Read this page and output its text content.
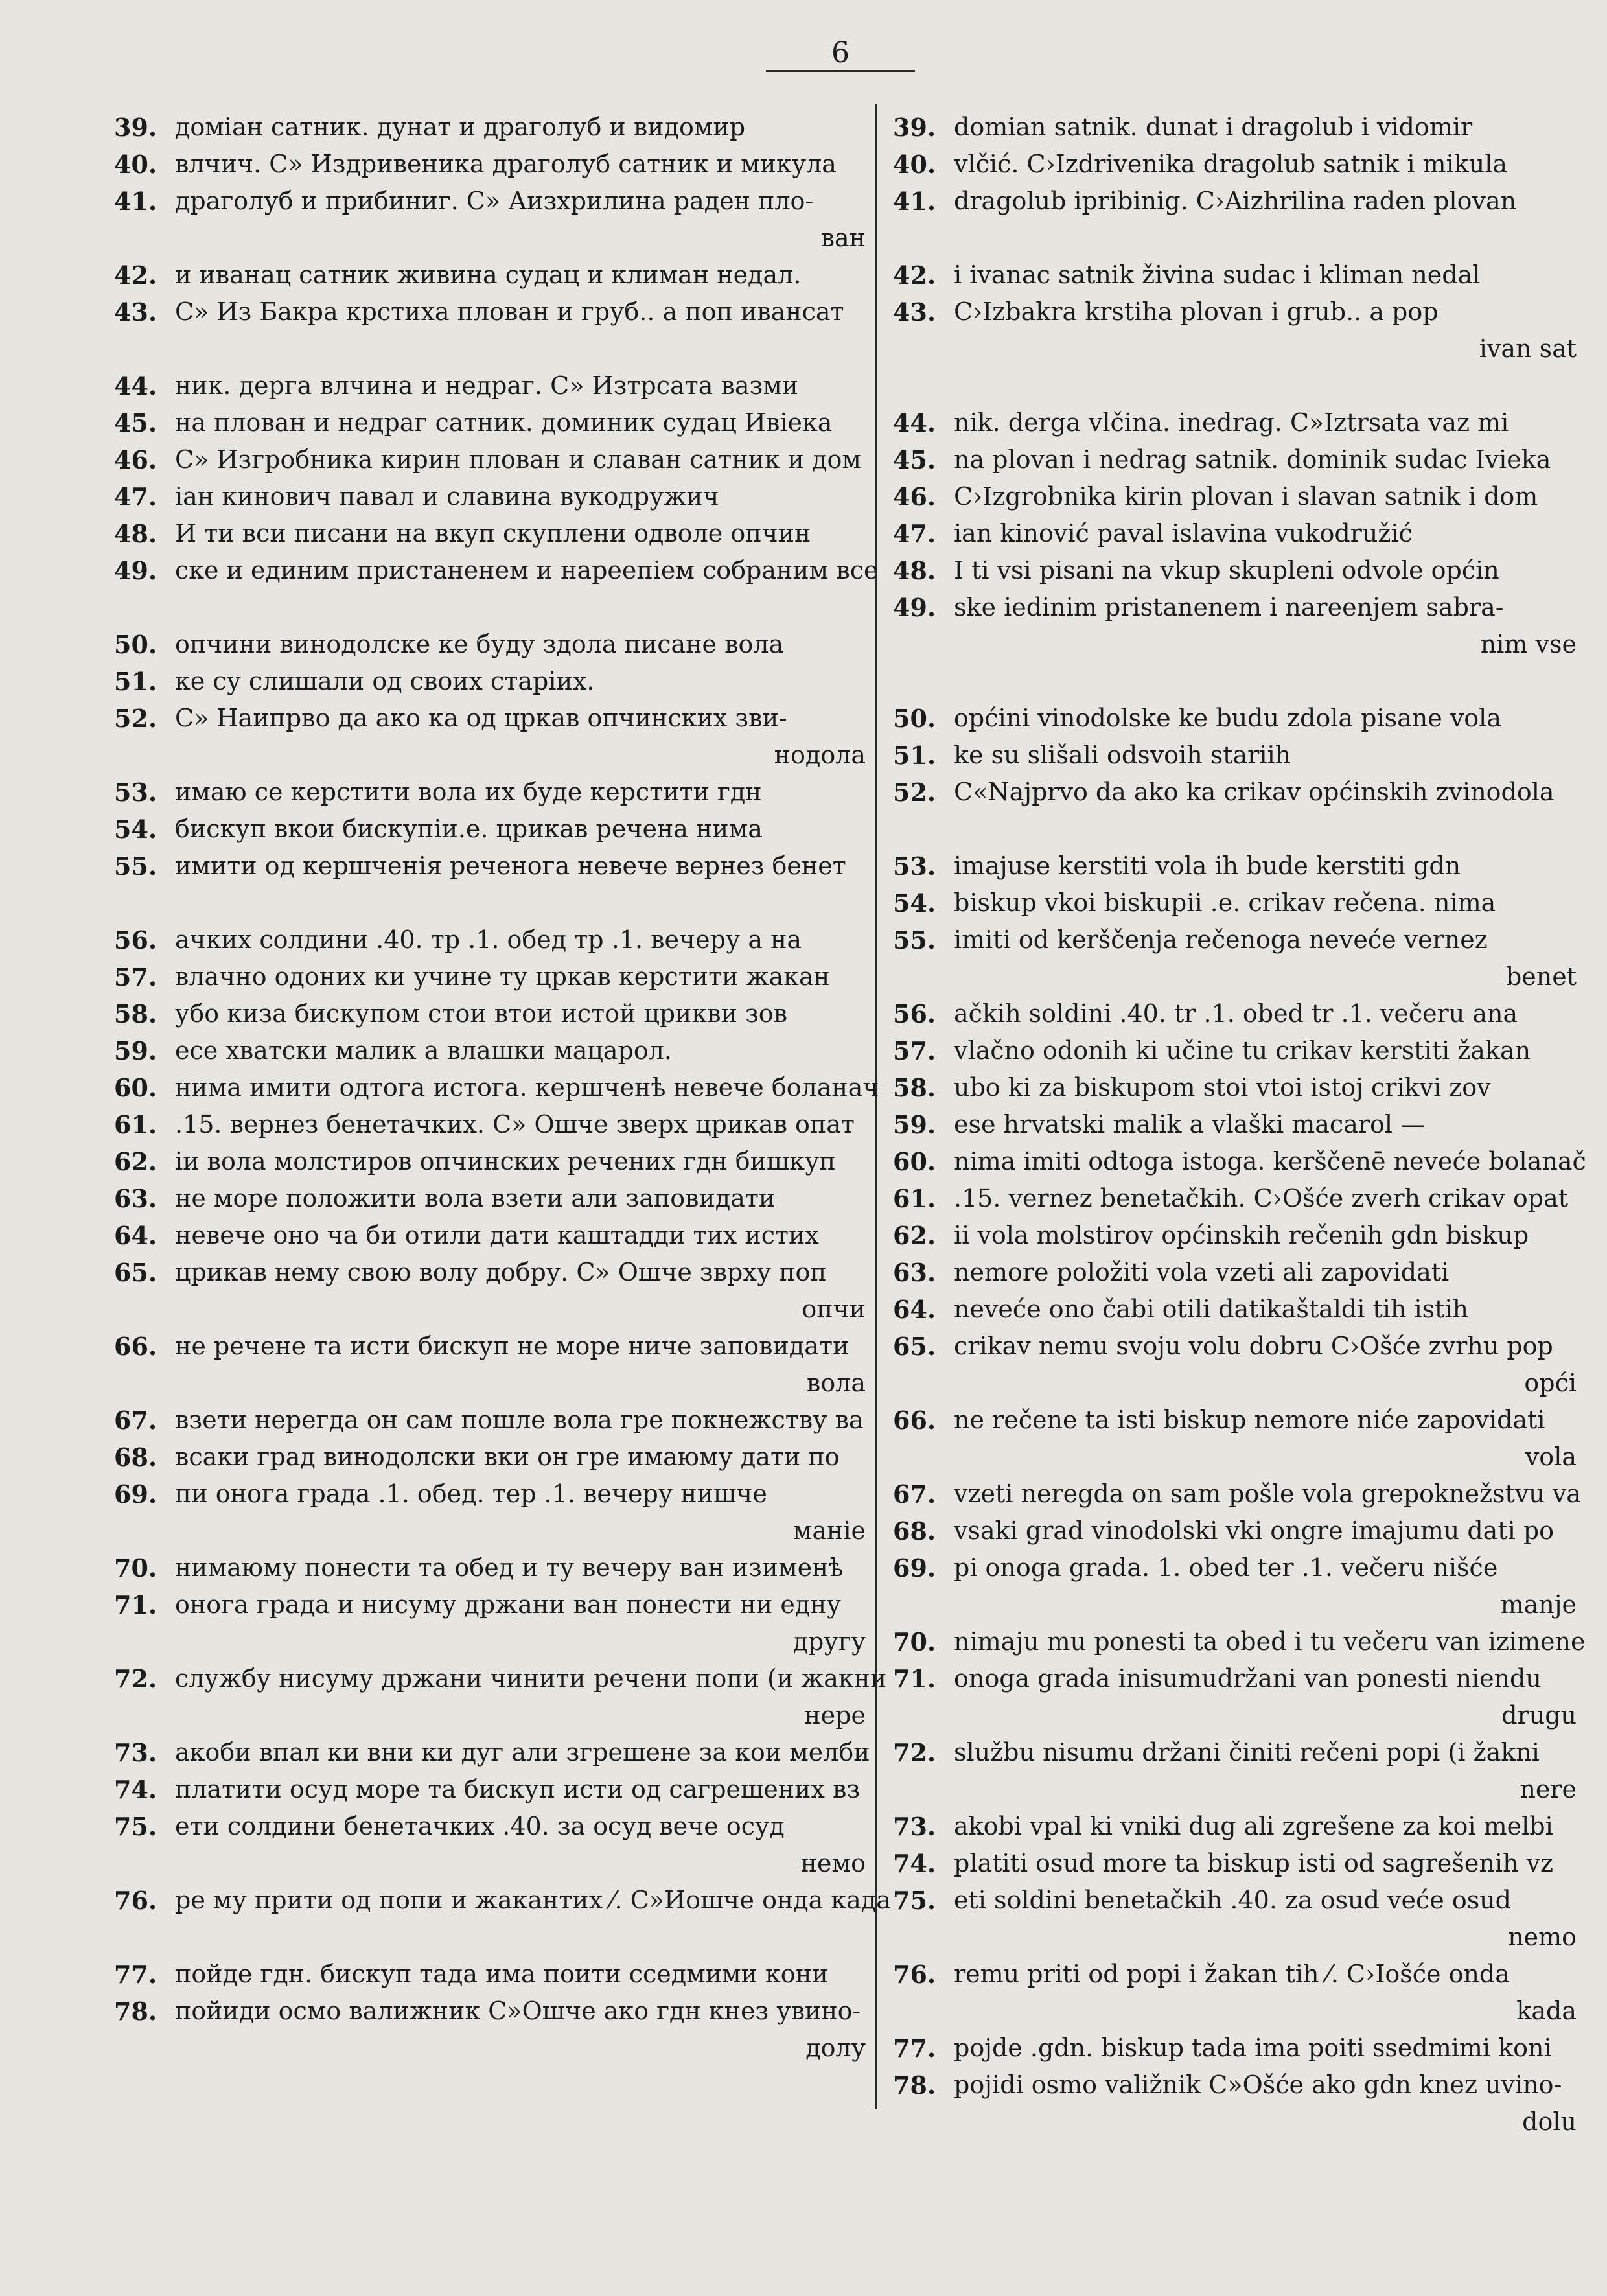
6
39. доміан сатник. дунат и драголуб и видомир
40. влчич. С» Издривеника драголуб сатник и микула
41. драголуб и прибиниг. С» Аизхрилина раден пло-
ван
42. и иванац сатник живина судац и климан недал.
43. С» Из Бакра крстиха плован и груб.. а поп ивансат
44. ник. дерга влчина и недраг. С» Изтрсата вазми
45. на плован и недраг сатник. доминик судац Ивіека
46. С» Изгробника кирин плован и славан сатник и дом
47. іан кинович павал и славина вукодружич
48. И ти вси писани на вкуп скуплени одволе опчин
49. ске и единим пристаненем и нареепіем собраним все
50. опчини винодолске ке буду здола писане вола
51. ке су слишали од своих старіих.
52. С» Наипрво да ако ка од цркав опчинских зви-
нодола
53. имаю се керстити вола их буде керстити гдн
54. бискуп вкои бискупіи.е. црикав речена нима
55. имити од кершченія реченога невече вернез бенет
56. ачких солдини .40. тр .1. обед тр .1. вечеру а на
57. влачно одоних ки учине ту цркав керстити жакан
58. убо киза бискупом стои втои истой црикви зов
59. есе хватски малик а влашки мацарол.
60. нима имити одтога истога. кершченѣ невече боланач
61. .15. вернез бенетачких. С» Ошче зверх црикав опат
62. іи вола молстиров опчинских речених гдн бишкуп
63. не море положити вола взети али заповидати
64. невече оно ча би отили дати каштадди тих истих
65. црикав нему свою волу добру. С» Ошче зврху поп
опчи
66. не речене та исти бискуп не море ниче заповидати
вола
67. взети нерегда он сам пошле вола гре покнежству ва
68. всаки град винодолски вки он гре имаюму дати по
69. пи онога града .1. обед. тер .1. вечеру нишче
маніе
70. нимаюму понести та обед и ту вечеру ван изименѣ
71. онога града и нисуму држани ван понести ни едну
другу
72. службу нисуму држани чинити речени попи (и жакни
нере
73. акоби впал ки вни ки дуг али згрешене за кои мелби
74. платити осуд море та бискуп исти од сагрешених вз
75. ети солдини бенетачких .40. за осуд вече осуд
немо
76. ре му прити од попи и жакантих ⁄. С»Иошче онда када
77. пойде гдн. бискуп тада има поити сседмими кони
78. пойиди осмо валижник С»Ошче ако гдн кнез увино-
долу
39. domian satnik. dunat i dragolub i vidomir
40. vlčić. C›Izdrivenika dragolub satnik i mikula
41. dragolub ipribinig. C›Aizhrilina raden plovan
42. i ivanac satnik živina sudac i kliman nedal
43. C›Izbakra krstiha plovan i grub.. a pop
ivan sat
44. nik. derga vlčina. inedrag. C»Iztrsata vaz mi
45. na plovan i nedrag satnik. dominik sudac Ivieka
46. C›Izgrobnika kirin plovan i slavan satnik i dom
47. ian kinović paval islavina vukodružić
48. I ti vsi pisani na vkup skupleni odvole općin
49. ske iedinim pristanenem i nareenjem sabra-
nim vse
50. općini vinodolske ke budu zdola pisane vola
51. ke su slišali odsvoih stariih
52. C«Najprvo da ako ka crikav općinskih zvinodola
53. imajuse kerstiti vola ih bude kerstiti gdn
54. biskup vkoi biskupii .e. crikav rečena. nima
55. imiti od kerščenja rečenoga neveće vernez
benet
56. ačkih soldini .40. tr .1. obed tr .1. večeru ana
57. vlačno odonih ki učine tu crikav kerstiti žakan
58. ubo ki za biskupom stoi vtoi istoj crikvi zov
59. ese hrvatski malik a vlaški macarol —
60. nima imiti odtoga istoga. kerščenē neveće bolanač
61. .15. vernez benetačkih. C›Ošće zverh crikav opat
62. ii vola molstirov općinskih rečenih gdn biskup
63. nemore položiti vola vzeti ali zapovidati
64. neveće ono čabi otili datikaštaldi tih istih
65. crikav nemu svoju volu dobru C›Ošće zvrhu pop
opći
66. ne rečene ta isti biskup nemore niće zapovidati
vola
67. vzeti neregda on sam pošle vola grepoknežstvu va
68. vsaki grad vinodolski vki ongre imajumu dati po
69. pi onoga grada. 1. obed ter .1. večeru nišće
manje
70. nimaju mu ponesti ta obed i tu večeru van izimene
71. onoga grada inisumudržani van ponesti niendu
drugu
72. službu nisumu držani činiti rečeni popi (i žakni
nere
73. akobi vpal ki vniki dug ali zgrešene za koi melbi
74. platiti osud more ta biskup isti od sagrešenih vz
75. eti soldini benetačkih .40. za osud veće osud
nemo
76. remu priti od popi i žakan tih ⁄. C›Iošće onda
kada
77. pojde .gdn. biskup tada ima poiti ssedmimi koni
78. pojidi osmo valižnik C»Ošće ako gdn knez uvino-
dolu
